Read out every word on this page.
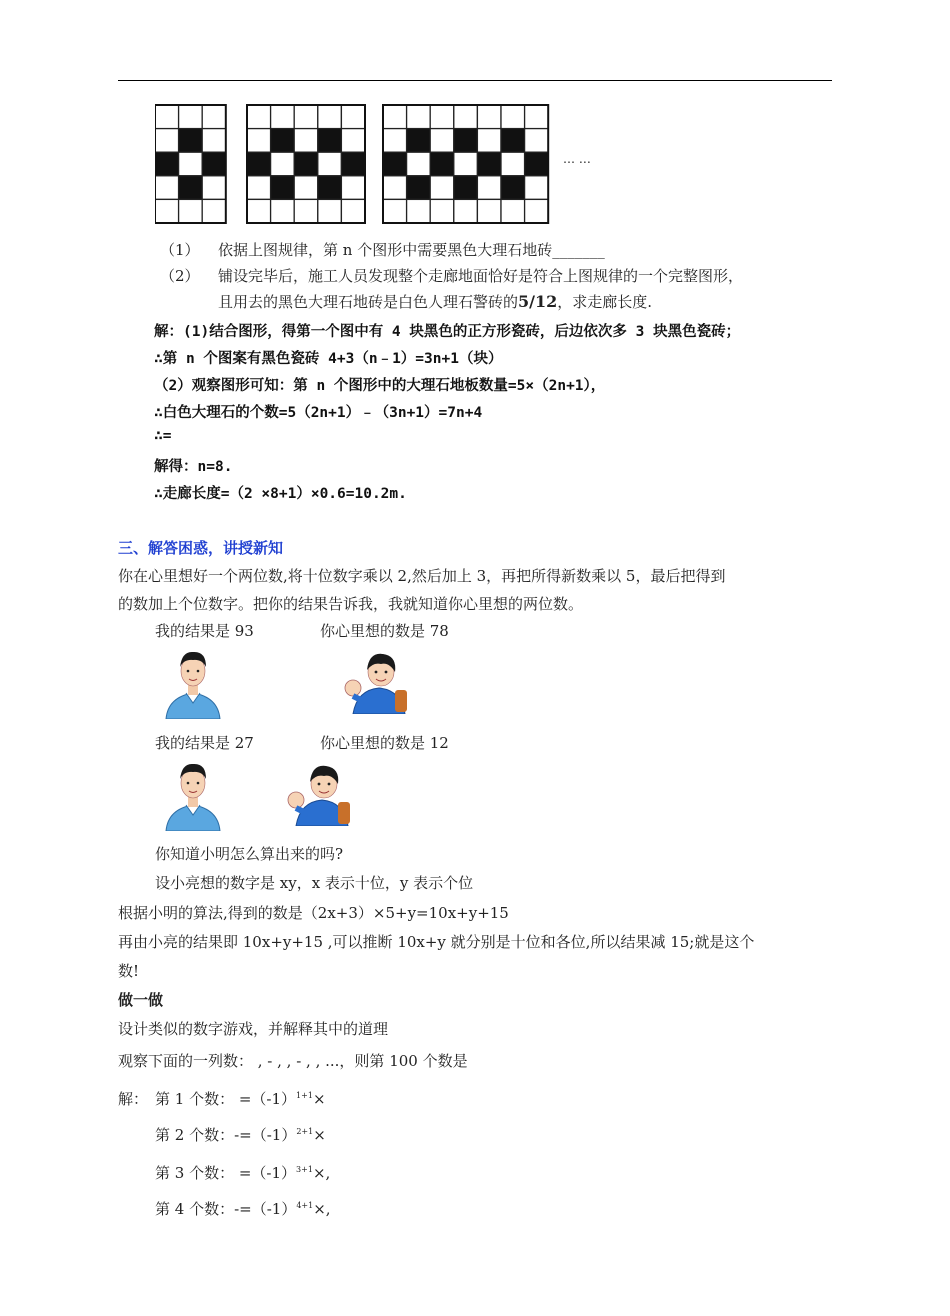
… …
（1） 依据上图规律，第 n 个图形中需要黑色大理石地砖_______
（2） 铺设完毕后，施工人员发现整个走廊地面恰好是符合上图规律的一个完整图形，
且用去的黑色大理石地砖是白色人理石警砖的5/12，求走廊长度.
解：(1)结合图形，得第一个图中有 4 块黑色的正方形瓷砖，后边依次多 3 块黑色瓷砖；
∴第 n 个图案有黑色瓷砖 4+3（n﹣1）=3n+1（块）
（2）观察图形可知：第 n 个图形中的大理石地板数量=5×（2n+1），
∴白色大理石的个数=5（2n+1）﹣（3n+1）=7n+4
∴=
解得：n=8.
∴走廊长度=（2 ×8+1）×0.6=10.2m.
三、解答困惑，讲授新知
你在心里想好一个两位数,将十位数字乘以 2,然后加上 3，再把所得新数乘以 5，最后把得到
的数加上个位数字。把你的结果告诉我，我就知道你心里想的两位数。
我的结果是 93	你心里想的数是 78
我的结果是 27	你心里想的数是 12
你知道小明怎么算出来的吗?
设小亮想的数字是 xy，x 表示十位，y 表示个位
根据小明的算法,得到的数是（2x+3）×5+y=10x+y+15
再由小亮的结果即 10x+y+15 ,可以推断 10x+y 就分别是十位和各位,所以结果减 15;就是这个
数!
做一做
设计类似的数字游戏，并解释其中的道理
观察下面的一列数： , - , , - , , ...，则第 100 个数是
解： 第 1 个数： $=(-1)^{1+1}\times$
第 2 个数：$-=(-1)^{2+1}\times$
第 3 个数： $=(-1)^{3+1}\times$,
第 4 个数：$-=(-1)^{4+1}\times$,
